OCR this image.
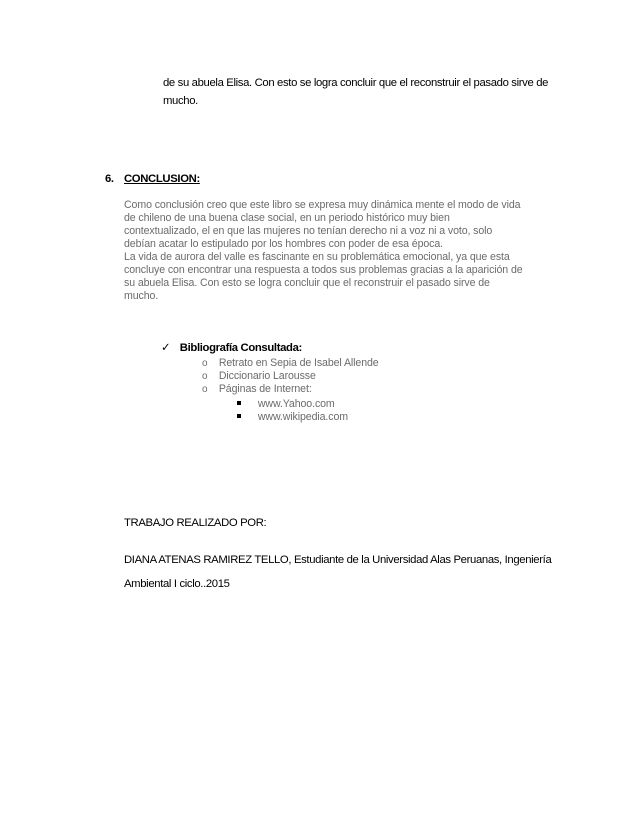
de su abuela Elisa. Con esto se logra concluir que el reconstruir el pasado sirve de
mucho.
6. CONCLUSION:
Como conclusión creo que este libro se expresa muy dinámica mente el modo de vida
de chileno de una buena clase social, en un periodo histórico muy bien
contextualizado, el en que las mujeres no tenían derecho ni a voz ni a voto, solo
debían acatar lo estipulado por los hombres con poder de esa época.
La vida de aurora del valle es fascinante en su problemática emocional, ya que esta
concluye con encontrar una respuesta a todos sus problemas gracias a la aparición de
su abuela Elisa. Con esto se logra concluir que el reconstruir el pasado sirve de
mucho.
✓ Bibliografía Consultada:
o Retrato en Sepia de Isabel Allende
o Diccionario Larousse
o Páginas de Internet:
www.Yahoo.com
www.wikipedia.com
TRABAJO REALIZADO POR:
DIANA ATENAS RAMIREZ TELLO, Estudiante de la Universidad Alas Peruanas, Ingeniería
Ambiental I ciclo..2015
